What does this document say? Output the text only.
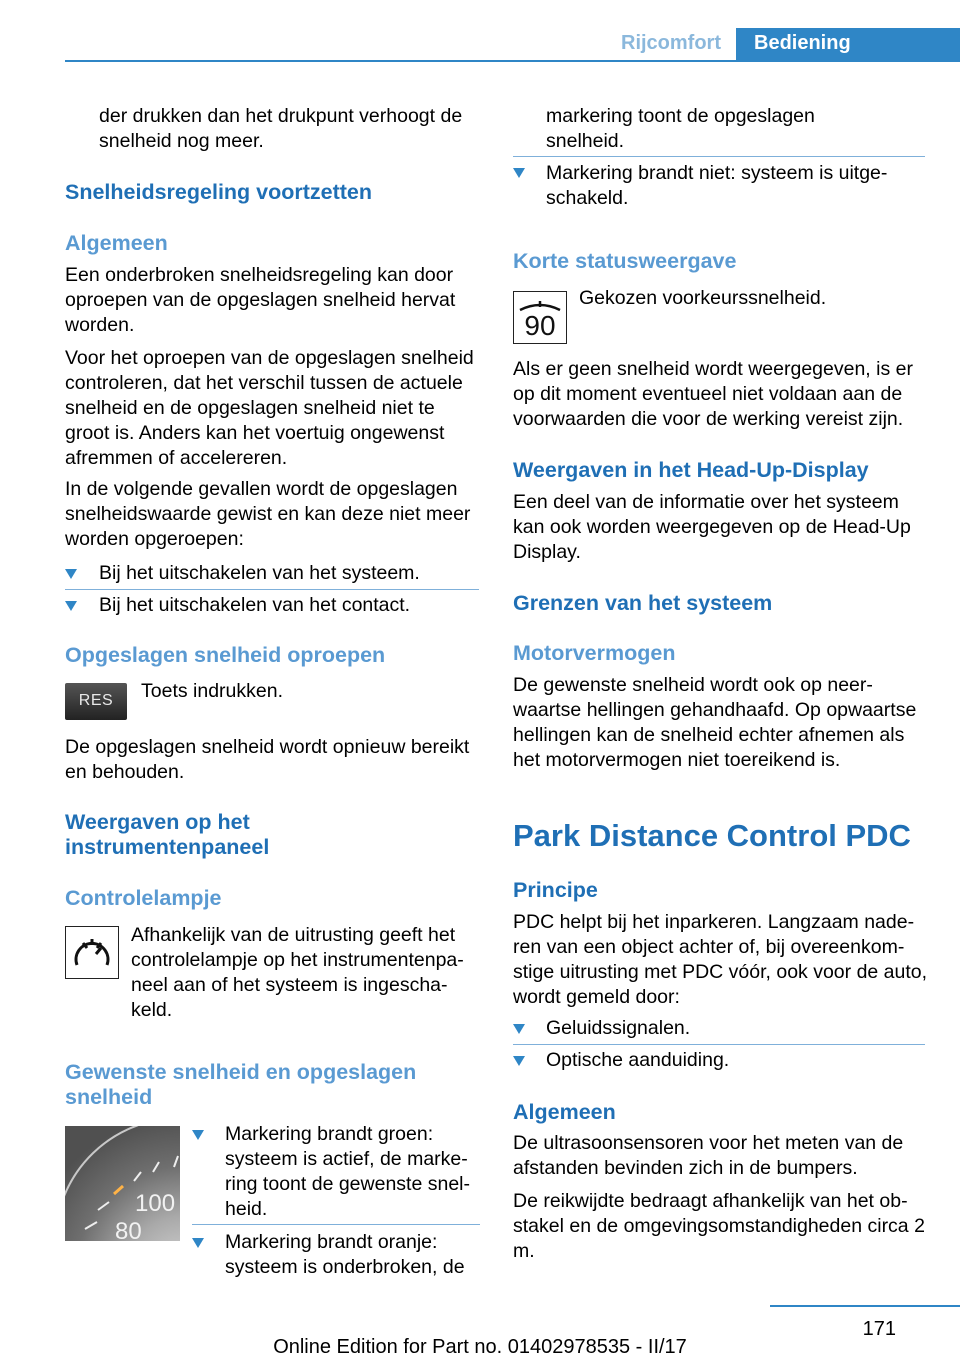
Rijcomfort	Bediening

der drukken dan het drukpunt verhoogt de snelheid nog meer.

Snelheidsregeling voortzetten
Algemeen

Een onderbroken snelheidsregeling kan door oproepen van de opgeslagen snelheid hervat worden.

Voor het oproepen van de opgeslagen snelheid controleren, dat het verschil tussen de actuele snelheid en de opgeslagen snelheid niet te groot is. Anders kan het voertuig ongewenst afremmen of accelereren.

In de volgende gevallen wordt de opgeslagen snelheidswaarde gewist en kan deze niet meer worden opgeroepen:

Bij het uitschakelen van het systeem.
Bij het uitschakelen van het contact.
Opgeslagen snelheid oproepen
RES	Toets indrukken.

De opgeslagen snelheid wordt opnieuw bereikt en behouden.

Weergaven op het instrumentenpaneel
Controlelampje

Afhankelijk van de uitrusting geeft het controlelampje op het instrumentenpaneel aan of het systeem is ingeschakeld.

Gewenste snelheid en opgeslagen snelheid
100
80
Markering brandt groen: systeem is actief, de markering toont de gewenste snelheid.
Markering brandt oranje: systeem is onderbroken, de

markering toont de opgeslagen snelheid.

Markering brandt niet: systeem is uitgeschakeld.
Korte statusweergave
90

Gekozen voorkeurssnelheid.

Als er geen snelheid wordt weergegeven, is er op dit moment eventueel niet voldaan aan de voorwaarden die voor de werking vereist zijn.

Weergaven in het Head-Up-Display

Een deel van de informatie over het systeem kan ook worden weergegeven op de Head-Up Display.

Grenzen van het systeem
Motorvermogen

De gewenste snelheid wordt ook op neerwaartse hellingen gehandhaafd. Op opwaartse hellingen kan de snelheid echter afnemen als het motorvermogen niet toereikend is.

Park Distance Control PDC
Principe

PDC helpt bij het inparkeren. Langzaam naderen van een object achter of, bij overeenkomstige uitrusting met PDC vóór, ook voor de auto, wordt gemeld door:

Geluidssignalen.
Optische aanduiding.
Algemeen

De ultrasoonsensoren voor het meten van de afstanden bevinden zich in de bumpers.

De reikwijdte bedraagt afhankelijk van het obstakel en de omgevingsomstandigheden circa 2 m.

171
Online Edition for Part no. 01402978535 - II/17
